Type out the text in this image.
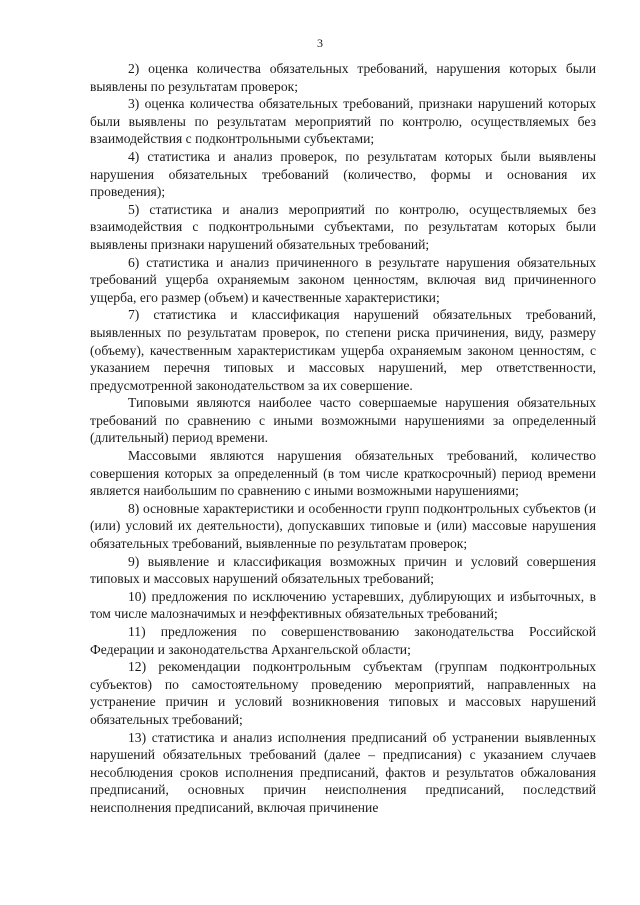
3

2) оценка количества обязательных требований, нарушения которых были выявлены по результатам проверок;

3) оценка количества обязательных требований, признаки нарушений которых были выявлены по результатам мероприятий по контролю, осуществляемых без взаимодействия с подконтрольными субъектами;

4) статистика и анализ проверок, по результатам которых были выявлены нарушения обязательных требований (количество, формы и основания их проведения);

5) статистика и анализ мероприятий по контролю, осуществляемых без взаимодействия с подконтрольными субъектами, по результатам которых были выявлены признаки нарушений обязательных требований;

6) статистика и анализ причиненного в результате нарушения обязательных требований ущерба охраняемым законом ценностям, включая вид причиненного ущерба, его размер (объем) и качественные характеристики;

7) статистика и классификация нарушений обязательных требований, выявленных по результатам проверок, по степени риска причинения, виду, размеру (объему), качественным характеристикам ущерба охраняемым законом ценностям, с указанием перечня типовых и массовых нарушений, мер ответственности, предусмотренной законодательством за их совершение.

Типовыми являются наиболее часто совершаемые нарушения обязательных требований по сравнению с иными возможными нарушениями за определенный (длительный) период времени.

Массовыми являются нарушения обязательных требований, количество совершения которых за определенный (в том числе краткосрочный) период времени является наибольшим по сравнению с иными возможными нарушениями;

8) основные характеристики и особенности групп подконтрольных субъектов (и (или) условий их деятельности), допускавших типовые и (или) массовые нарушения обязательных требований, выявленные по результатам проверок;

9) выявление и классификация возможных причин и условий совершения типовых и массовых нарушений обязательных требований;

10) предложения по исключению устаревших, дублирующих и избыточных, в том числе малозначимых и неэффективных обязательных требований;

11) предложения по совершенствованию законодательства Российской Федерации и законодательства Архангельской области;

12) рекомендации подконтрольным субъектам (группам подконтрольных субъектов) по самостоятельному проведению мероприятий, направленных на устранение причин и условий возникновения типовых и массовых нарушений обязательных требований;

13) статистика и анализ исполнения предписаний об устранении выявленных нарушений обязательных требований (далее – предписания) с указанием случаев несоблюдения сроков исполнения предписаний, фактов и результатов обжалования предписаний, основных причин неисполнения предписаний, последствий неисполнения предписаний, включая причинение
